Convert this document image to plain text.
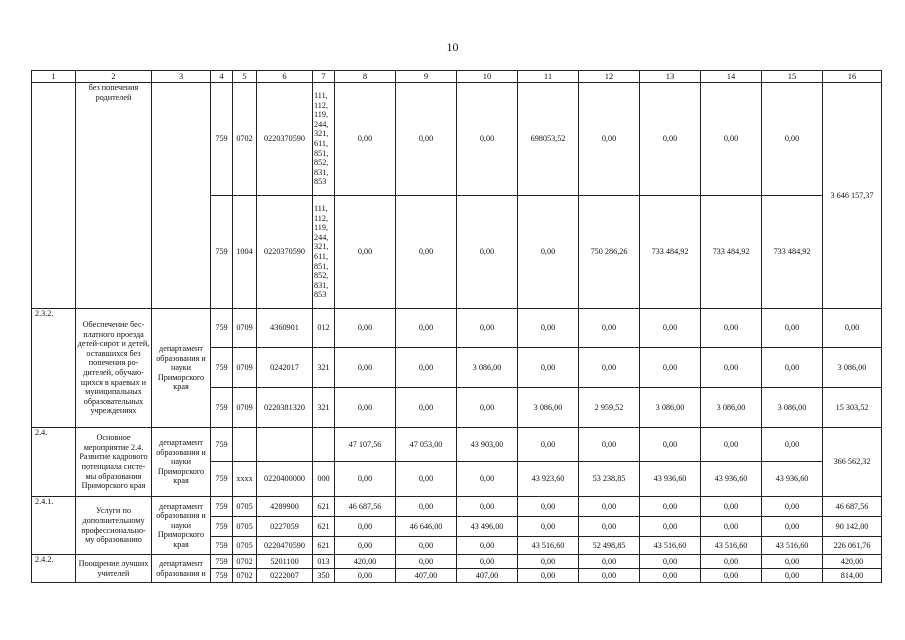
10
1	2	3	4	5	6	7	8	9	10	11	12	13	14	15	16
	без попечения родителей		759	0702	0220370590	111, 112, 119, 244, 321, 611, 851, 852, 831, 853	0,00	0,00	0,00	698053,52	0,00	0,00	0,00	0,00	3 646 157,37
			759	1004	0220370590	111, 112, 119, 244, 321, 611, 851, 852, 831, 853	0,00	0,00	0,00	0,00	750 286,26	733 484,92	733 484,92	733 484,92	
2.3.2.	Обеспечение бес-платного проезда детей-сирот и детей, оставшихся без попечения ро-дителей, обучаю-щихся в краевых и муниципальных образовательных учреждениях	департамент образования и науки Приморского края	759	0709	4360901	012	0,00	0,00	0,00	0,00	0,00	0,00	0,00	0,00	0,00
			759	0709	0242017	321	0,00	0,00	3 086,00	0,00	0,00	0,00	0,00	0,00	3 086,00
			759	0709	0220381320	321	0,00	0,00	0,00	3 086,00	2 959,52	3 086,00	3 086,00	3 086,00	15 303,52
2.4.	Основное мероприятие 2.4. Развитие кадрового потенциала систе-мы образования Приморского края	департамент образования и науки Приморского края	759				47 107,56	47 053,00	43 903,00	0,00	0,00	0,00	0,00	0,00	366 562,32
			759	xxxx	0220400000	000	0,00	0,00	0,00	43 923,60	53 238,85	43 936,60	43 936,60	43 936,60	
2.4.1.	Услуги по дополнительному профессионально-му образованию	департамент образования и науки Приморского края	759	0705	4289900	621	46 687,56	0,00	0,00	0,00	0,00	0,00	0,00	0,00	46 687,56
			759	0705	0227059	621	0,00	46 646,00	43 496,00	0,00	0,00	0,00	0,00	0,00	90 142,00
			759	0705	0220470590	621	0,00	0,00	0,00	43 516,60	52 498,85	43 516,60	43 516,60	43 516,60	226 061,76
2.4.2.	Поощрение лучших учителей	департамент образования и	759	0702	5201100	013	420,00	0,00	0,00	0,00	0,00	0,00	0,00	0,00	420,00
			759	0702	0222007	350	0,00	407,00	407,00	0,00	0,00	0,00	0,00	0,00	814,00
